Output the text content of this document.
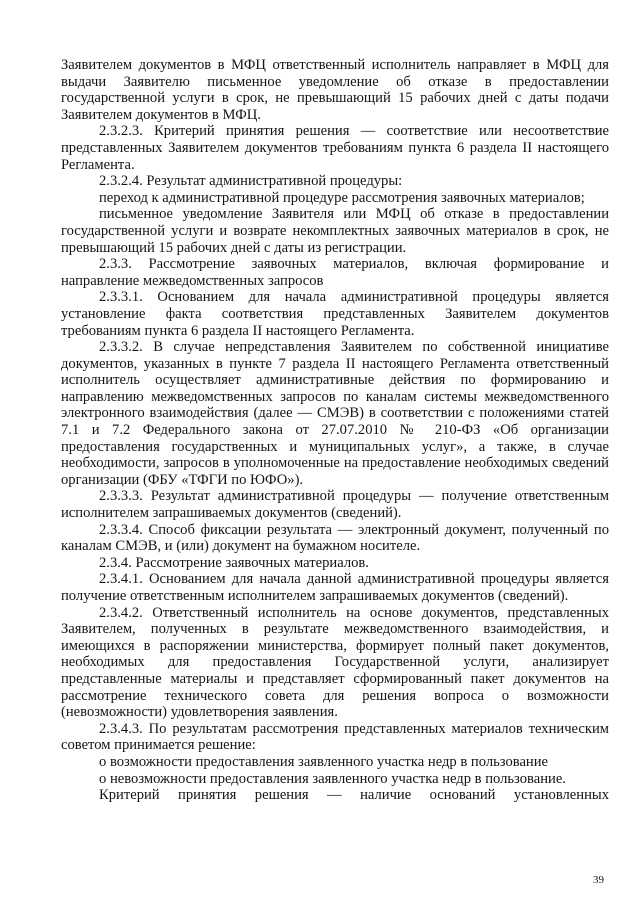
Заявителем документов в МФЦ ответственный исполнитель направляет в МФЦ для выдачи Заявителю письменное уведомление об отказе в предоставлении государственной услуги в срок, не превышающий 15 рабочих дней с даты подачи Заявителем документов в МФЦ.

2.3.2.3. Критерий принятия решения — соответствие или несоответствие представленных Заявителем документов требованиям пункта 6 раздела II настоящего Регламента.

2.3.2.4. Результат административной процедуры:

переход к административной процедуре рассмотрения заявочных материалов;

письменное уведомление Заявителя или МФЦ об отказе в предоставлении государственной услуги и возврате некомплектных заявочных материалов в срок, не превышающий 15 рабочих дней с даты из регистрации.

2.3.3. Рассмотрение заявочных материалов, включая формирование и направление межведомственных запросов

2.3.3.1. Основанием для начала административной процедуры является установление факта соответствия представленных Заявителем документов требованиям пункта 6 раздела II настоящего Регламента.

2.3.3.2. В случае непредставления Заявителем по собственной инициативе документов, указанных в пункте 7 раздела II настоящего Регламента ответственный исполнитель осуществляет административные действия по формированию и направлению межведомственных запросов по каналам системы межведомственного электронного взаимодействия (далее — СМЭВ) в соответствии с положениями статей 7.1 и 7.2 Федерального закона от 27.07.2010 № 210-ФЗ «Об организации предоставления государственных и муниципальных услуг», а также, в случае необходимости, запросов в уполномоченные на предоставление необходимых сведений организации (ФБУ «ТФГИ по ЮФО»).

2.3.3.3. Результат административной процедуры — получение ответственным исполнителем запрашиваемых документов (сведений).

2.3.3.4. Способ фиксации результата — электронный документ, полученный по каналам СМЭВ, и (или) документ на бумажном носителе.

2.3.4. Рассмотрение заявочных материалов.

2.3.4.1. Основанием для начала данной административной процедуры является получение ответственным исполнителем запрашиваемых документов (сведений).

2.3.4.2. Ответственный исполнитель на основе документов, представленных Заявителем, полученных в результате межведомственного взаимодействия, и имеющихся в распоряжении министерства, формирует полный пакет документов, необходимых для предоставления Государственной услуги, анализирует представленные материалы и представляет сформированный пакет документов на рассмотрение технического совета для решения вопроса о возможности (невозможности) удовлетворения заявления.

2.3.4.3. По результатам рассмотрения представленных материалов техническим советом принимается решение:

о возможности предоставления заявленного участка недр в пользование

о невозможности предоставления заявленного участка недр в пользование.

Критерий принятия решения — наличие оснований установленных

39
